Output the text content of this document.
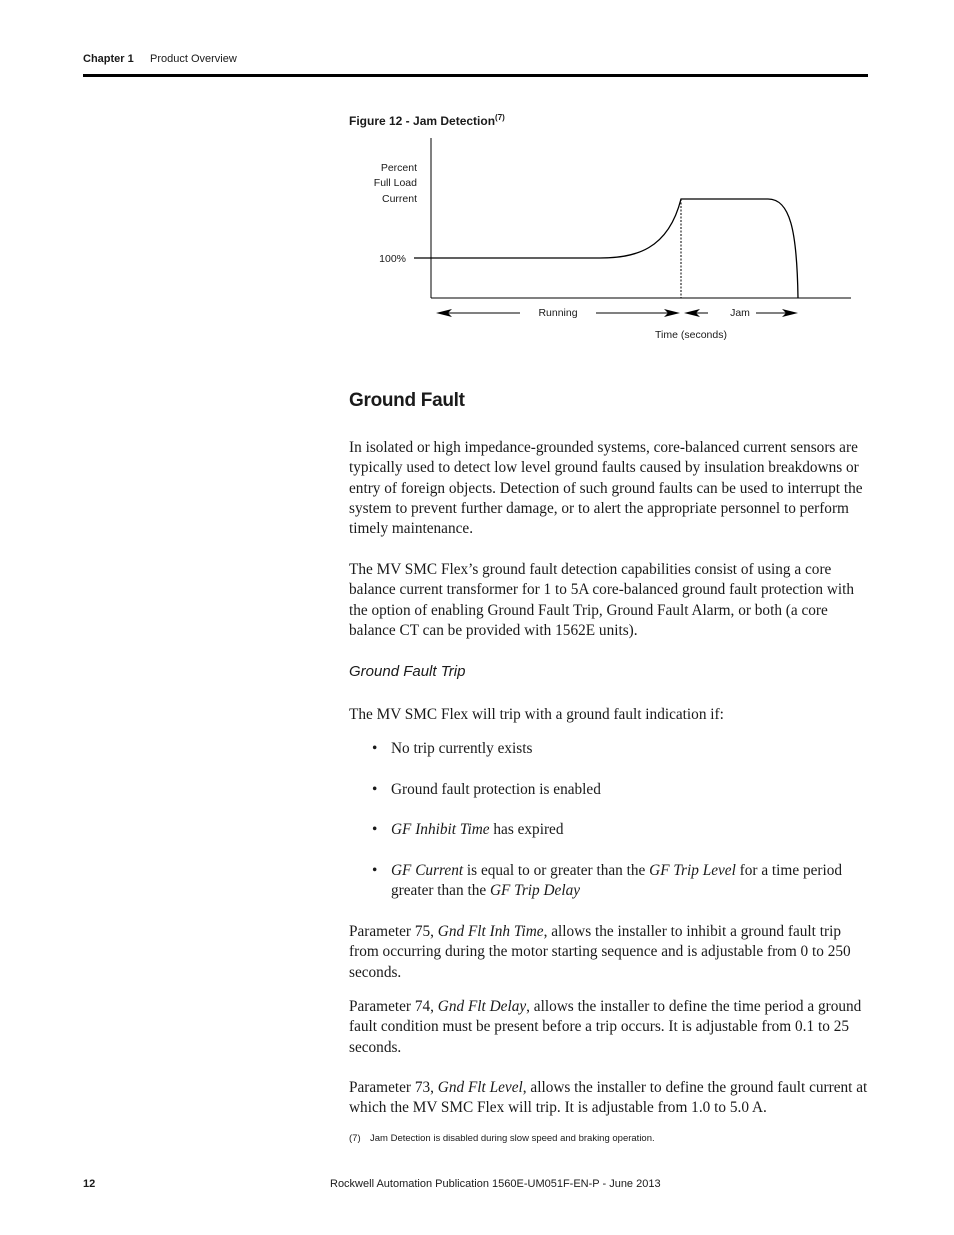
Chapter 1 Product Overview
Figure 12 - Jam Detection$^{(7)}$
Percent
Full Load
Current
100%
Running	Jam
Time (seconds)
Ground Fault

In isolated or high impedance-grounded systems, core-balanced current sensors are typically used to detect low level ground faults caused by insulation breakdowns or entry of foreign objects. Detection of such ground faults can be used to interrupt the system to prevent further damage, or to alert the appropriate personnel to perform timely maintenance.

The MV SMC Flex’s ground fault detection capabilities consist of using a core balance current transformer for 1 to 5A core-balanced ground fault protection with the option of enabling Ground Fault Trip, Ground Fault Alarm, or both (a core balance CT can be provided with 1562E units).

Ground Fault Trip

The MV SMC Flex will trip with a ground fault indication if:

• No trip currently exists
• Ground fault protection is enabled
• GF Inhibit Time has expired
• GF Current is equal to or greater than the GF Trip Level for a time period greater than the GF Trip Delay

Parameter 75, Gnd Flt Inh Time, allows the installer to inhibit a ground fault trip from occurring during the motor starting sequence and is adjustable from 0 to 250 seconds.

Parameter 74, Gnd Flt Delay, allows the installer to define the time period a ground fault condition must be present before a trip occurs. It is adjustable from 0.1 to 25 seconds.

Parameter 73, Gnd Flt Level, allows the installer to define the ground fault current at which the MV SMC Flex will trip. It is adjustable from 1.0 to 5.0 A.

(7) Jam Detection is disabled during slow speed and braking operation.
12	Rockwell Automation Publication 1560E-UM051F-EN-P - June 2013
